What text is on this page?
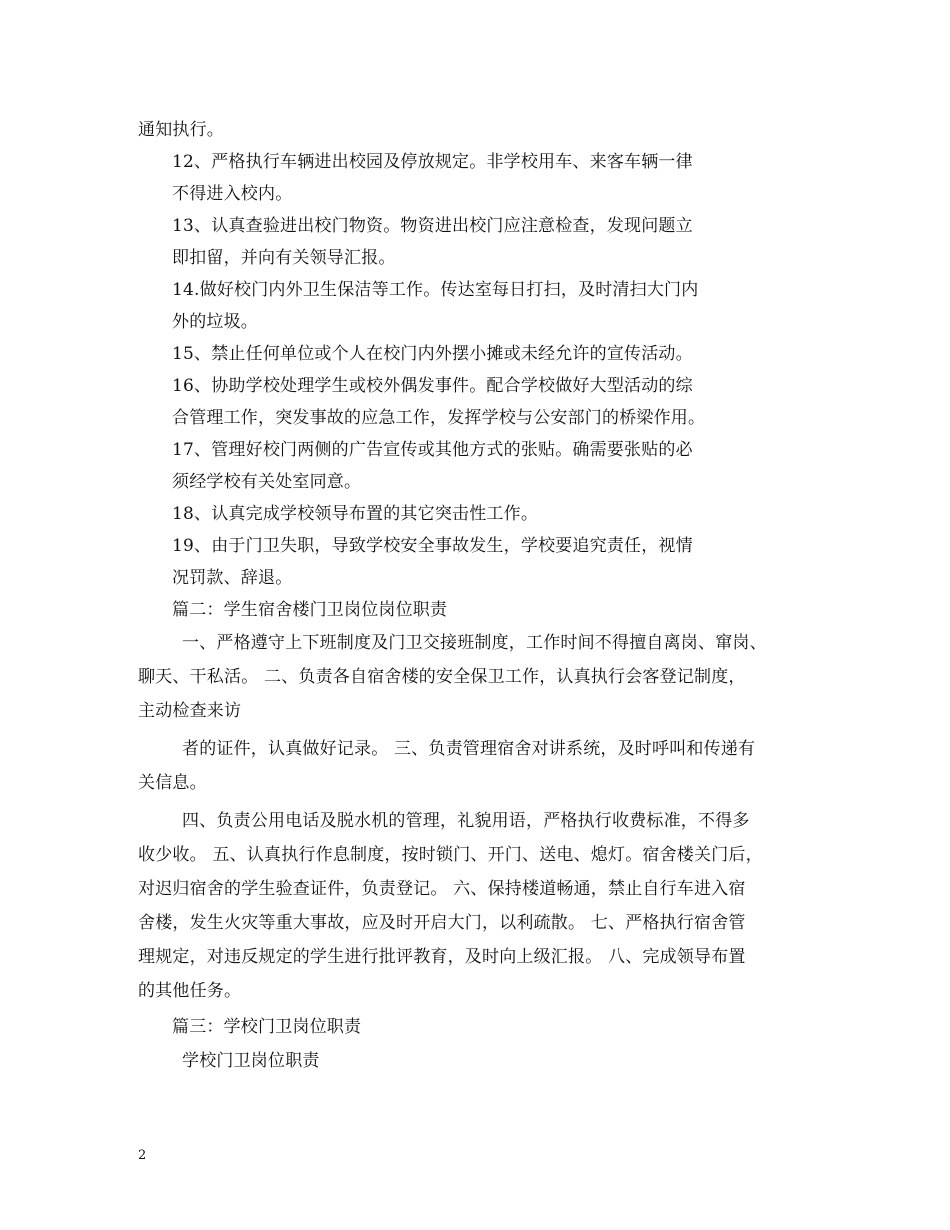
通知执行。
12、严格执行车辆进出校园及停放规定。非学校用车、来客车辆一律
不得进入校内。
13、认真查验进出校门物资。物资进出校门应注意检查，发现问题立
即扣留，并向有关领导汇报。
14.做好校门内外卫生保洁等工作。传达室每日打扫，及时清扫大门内
外的垃圾。
15、禁止任何单位或个人在校门内外摆小摊或未经允许的宣传活动。
16、协助学校处理学生或校外偶发事件。配合学校做好大型活动的综
合管理工作，突发事故的应急工作，发挥学校与公安部门的桥梁作用。
17、管理好校门两侧的广告宣传或其他方式的张贴。确需要张贴的必
须经学校有关处室同意。
18、认真完成学校领导布置的其它突击性工作。
19、由于门卫失职，导致学校安全事故发生，学校要追究责任，视情
况罚款、辞退。
篇二：学生宿舍楼门卫岗位岗位职责
一、严格遵守上下班制度及门卫交接班制度，工作时间不得擅自离岗、窜岗、
聊天、干私活。 二、负责各自宿舍楼的安全保卫工作，认真执行会客登记制度，
主动检查来访
者的证件，认真做好记录。 三、负责管理宿舍对讲系统，及时呼叫和传递有
关信息。
四、负责公用电话及脱水机的管理，礼貌用语，严格执行收费标准，不得多
收少收。 五、认真执行作息制度，按时锁门、开门、送电、熄灯。宿舍楼关门后，
对迟归宿舍的学生验查证件，负责登记。 六、保持楼道畅通，禁止自行车进入宿
舍楼，发生火灾等重大事故，应及时开启大门，以利疏散。 七、严格执行宿舍管
理规定，对违反规定的学生进行批评教育，及时向上级汇报。 八、完成领导布置
的其他任务。
篇三：学校门卫岗位职责
学校门卫岗位职责
2
